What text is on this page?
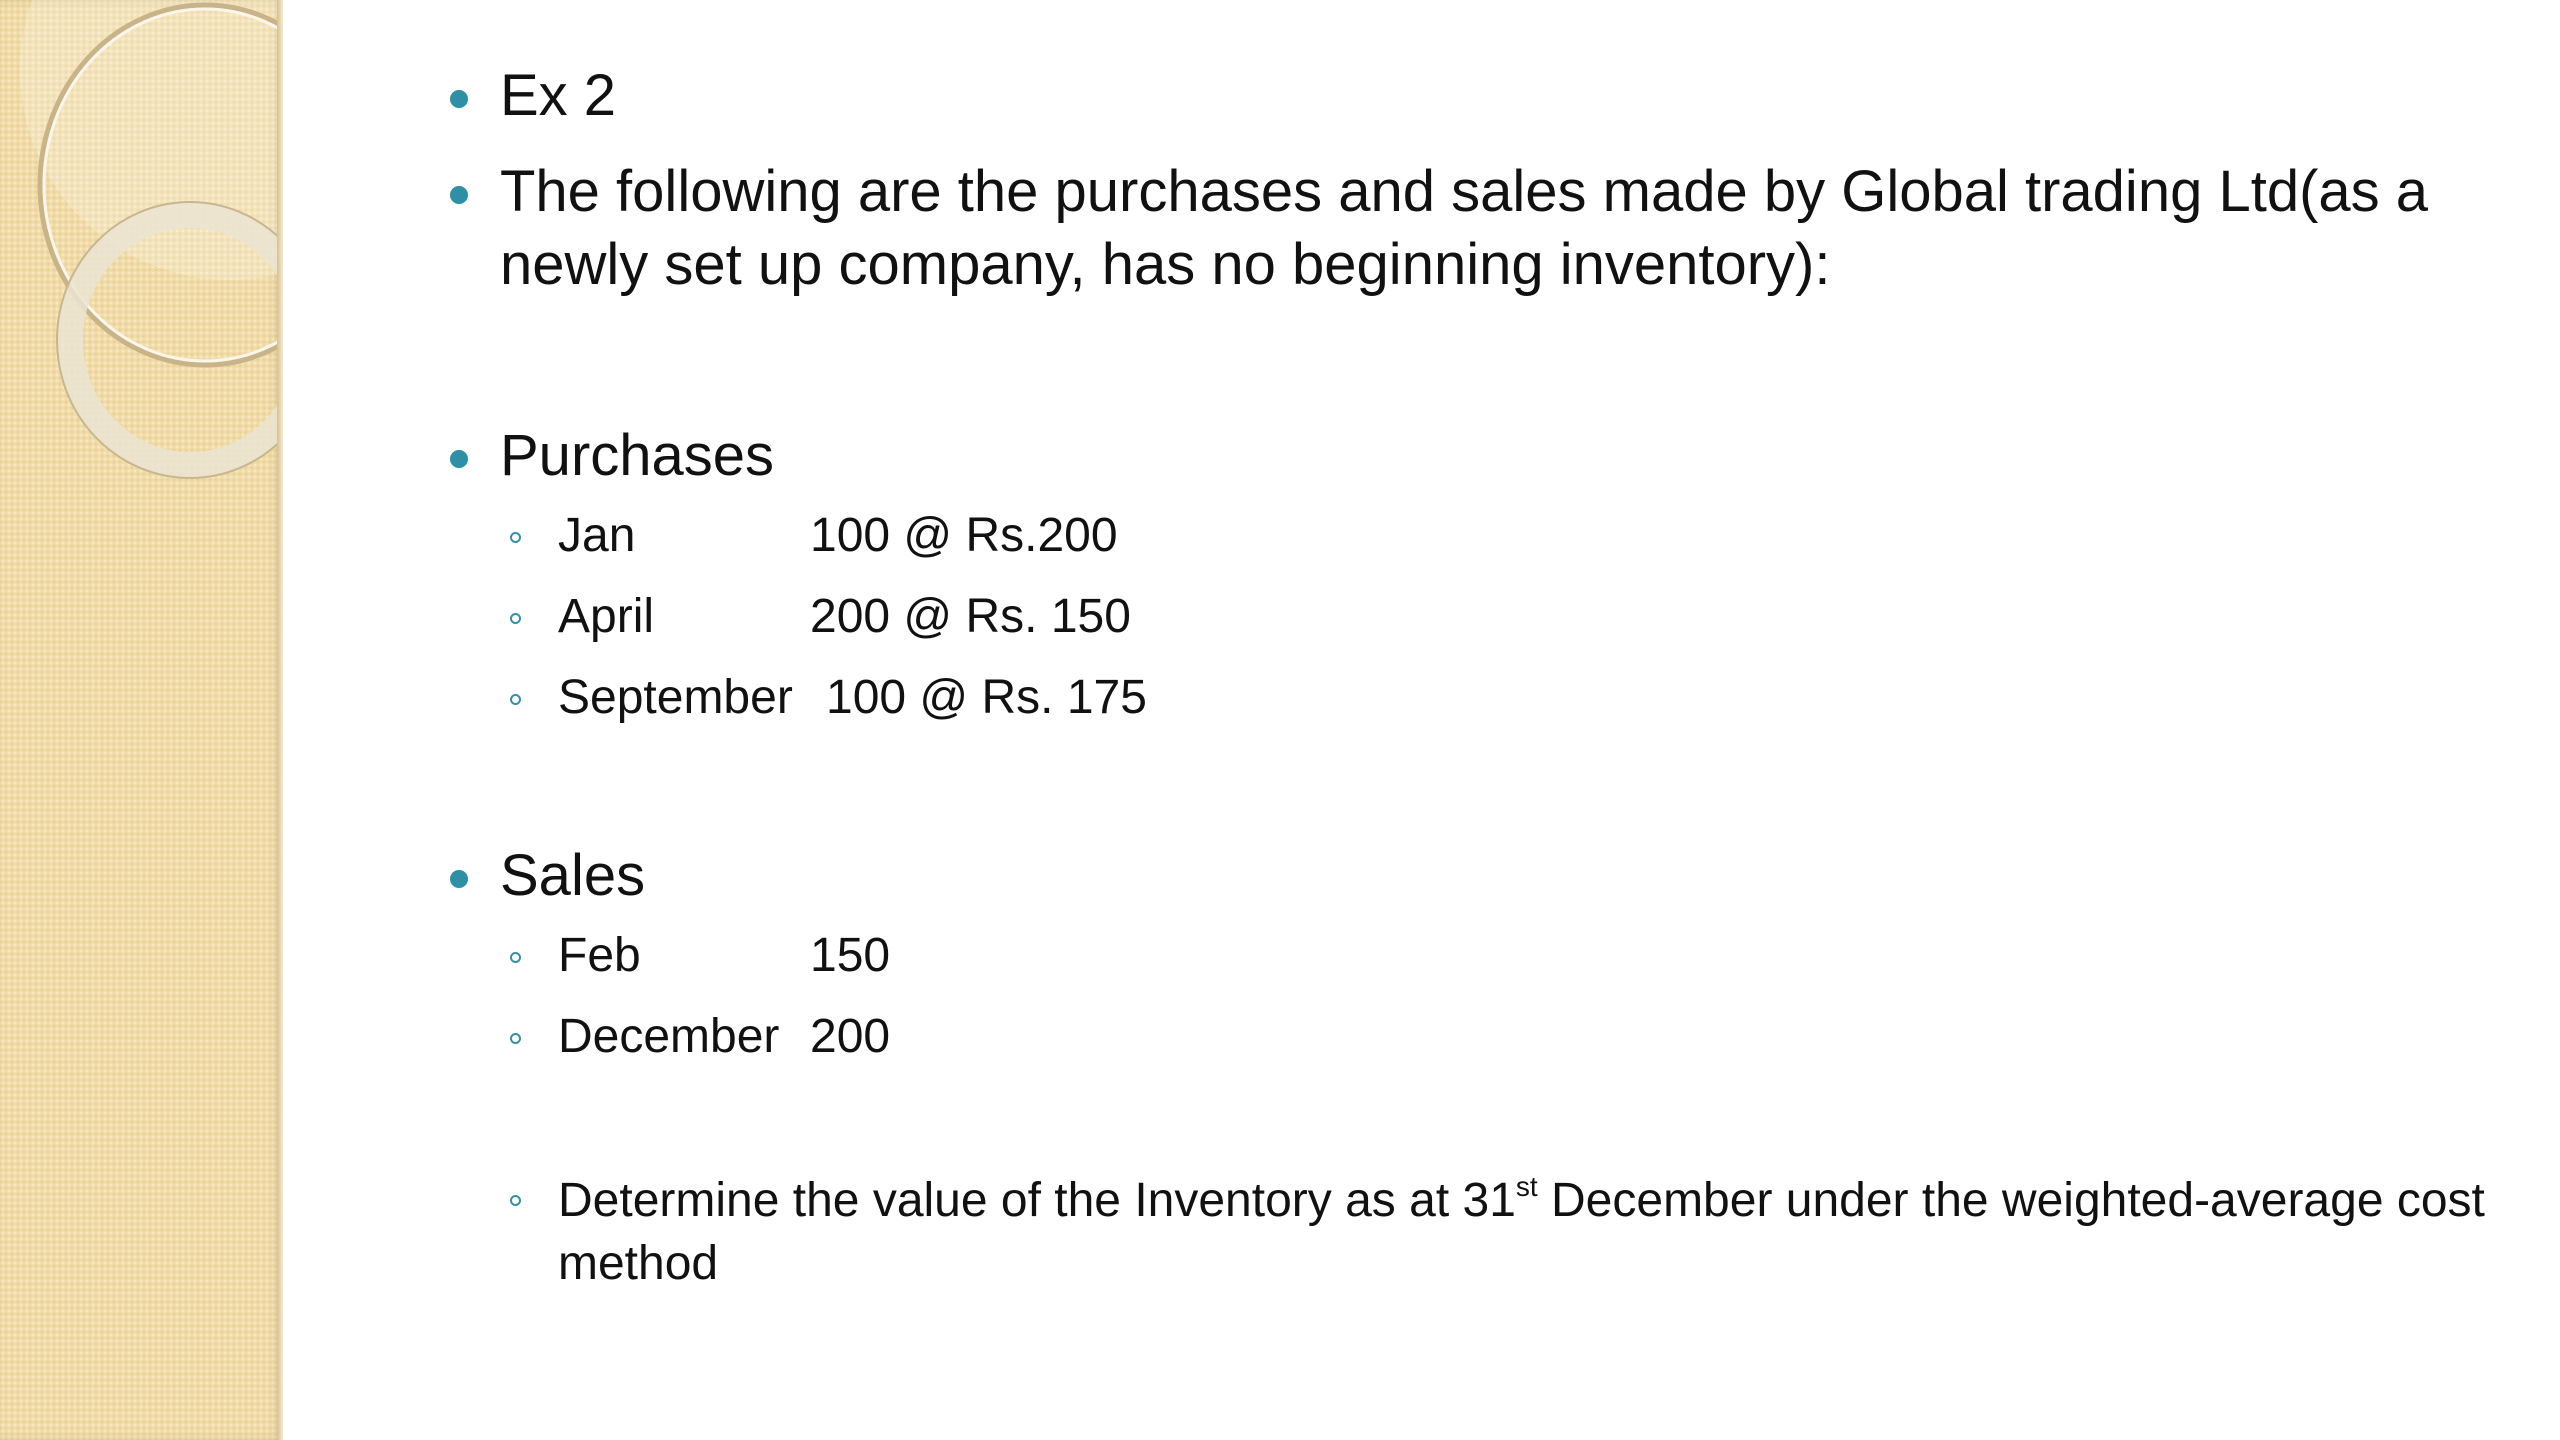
Ex 2
The following are the purchases and sales made by Global trading Ltd(as a newly set up company, has no beginning inventory):
Purchases
Jan	100 @ Rs.200
April	200 @ Rs. 150
September 100 @ Rs. 175
Sales
Feb	150
December 200
Determine the value of the Inventory as at 31st December under the weighted-average cost method
